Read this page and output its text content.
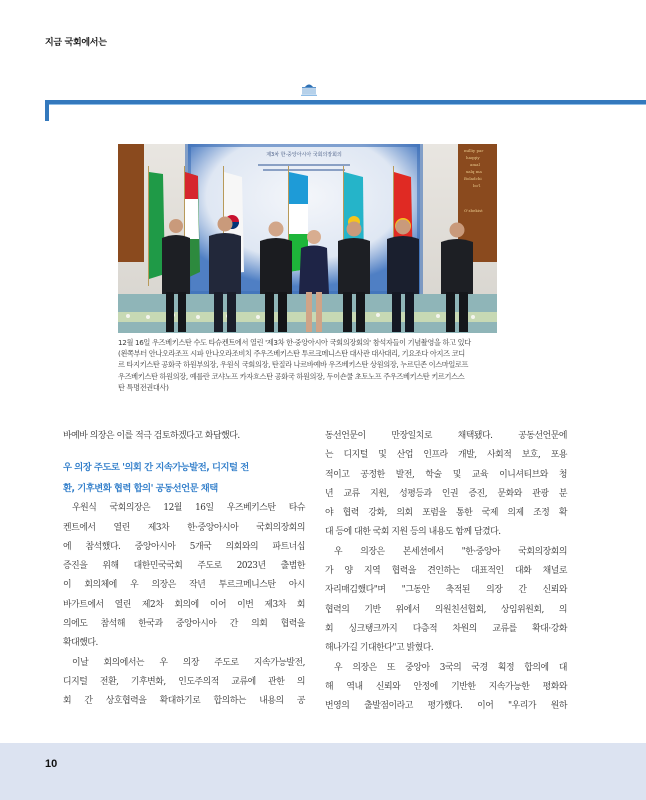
지금 국회에서는
milliy par
haqqiy
amal
xalq ma
Boladchi
bo'l
O'zbekist
제3차 한·중앙아시아 국회의장회의
12월 16일 우즈베키스탄 수도 타슈켄트에서 열린 '제3차 한·중앙아시아 국회의장회의' 참석자들이 기념촬영을 하고 있다
(왼쪽부터 안나오라조프 시파 안나오라조비치 주우즈베키스탄 투르크메니스탄 대사관 대사대리, 기요조다 아지즈 코디
르 타지키스탄 공화국 하원부의장, 우원식 국회의장, 탄질라 나르바예바 우즈베키스탄 상원의장, 누르딘존 이스마일로프
우즈베키스탄 하원의장, 예를란 코샤노프 카자흐스탄 공화국 하원의장, 두이숀쿨 초토노프 주우즈베키스탄 키르기스스
탄 특명전권대사)
바예바 의장은 이를 적극 검토하겠다고 화답했다.
우 의장 주도로 '의회 간 지속가능발전, 디지털 전
환, 기후변화 협력 합의' 공동선언문 채택
우원식 국회의장은 12월 16일 우즈베키스탄 타슈
켄트에서 열린 제3차 한·중앙아시아 국회의장회의
에 참석했다. 중앙아시아 5개국 의회와의 파트너십
증진을 위해 대한민국국회 주도로 2023년 출범한
이 회의체에 우 의장은 작년 투르크메니스탄 아시
바가트에서 열린 제2차 회의에 이어 이번 제3차 회
의에도 참석해 한국과 중앙아시아 간 의회 협력을
확대했다.
이날 회의에서는 우 의장 주도로 지속가능발전,
디지털 전환, 기후변화, 인도주의적 교류에 관한 의
회 간 상호협력을 확대하기로 합의하는 내용의 공
동선언문이 만장일치로 채택됐다. 공동선언문에
는 디지털 및 산업 인프라 개발, 사회적 보호, 포용
적이고 공정한 발전, 학술 및 교육 이니셔티브와 청
년 교류 지원, 성평등과 인권 증진, 문화와 관광 분
야 협력 강화, 의회 포럼을 통한 국제 의제 조정 확
대 등에 대한 국회 지원 등의 내용도 함께 담겼다.
우 의장은 본세션에서 "한·중앙아 국회의장회의
가 양 지역 협력을 견인하는 대표적인 대화 채널로
자리매김했다"며 "그동안 축적된 의장 간 신뢰와
협력의 기반 위에서 의원친선협회, 상임위원회, 의
회 싱크탱크까지 다층적 차원의 교류를 확대·강화
해나가길 기대한다"고 밝혔다.
우 의장은 또 중앙아 3국의 국경 획정 합의에 대
해 역내 신뢰와 안정에 기반한 지속가능한 평화와
번영의 출발점이라고 평가했다. 이어 "우리가 원하
10
